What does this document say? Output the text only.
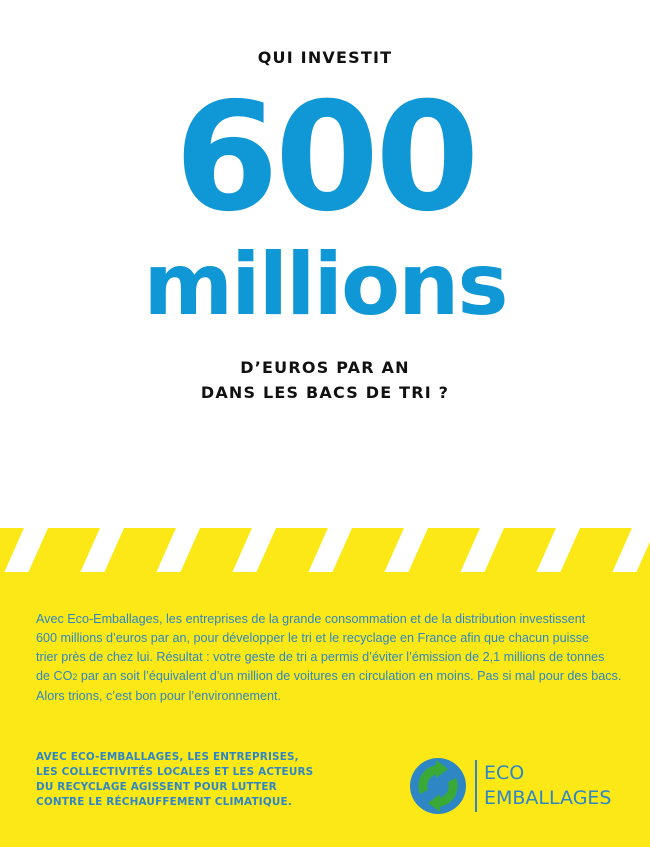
QUI INVESTIT
600
millions
D’EUROS PAR AN
DANS LES BACS DE TRI ?

Avec Eco-Emballages, les entreprises de la grande consommation et de la distribution investissent

600 millions d’euros par an, pour développer le tri et le recyclage en France afin que chacun puisse

trier près de chez lui. Résultat : votre geste de tri a permis d’éviter l’émission de 2,1 millions de tonnes

de CO2 par an soit l’équivalent d’un million de voitures en circulation en moins. Pas si mal pour des bacs.

Alors trions, c’est bon pour l’environnement.

AVEC ECO-EMBALLAGES, LES ENTREPRISES,

LES COLLECTIVITÉS LOCALES ET LES ACTEURS

DU RECYCLAGE AGISSENT POUR LUTTER

CONTRE LE RÉCHAUFFEMENT CLIMATIQUE.

ECO

EMBALLAGES
